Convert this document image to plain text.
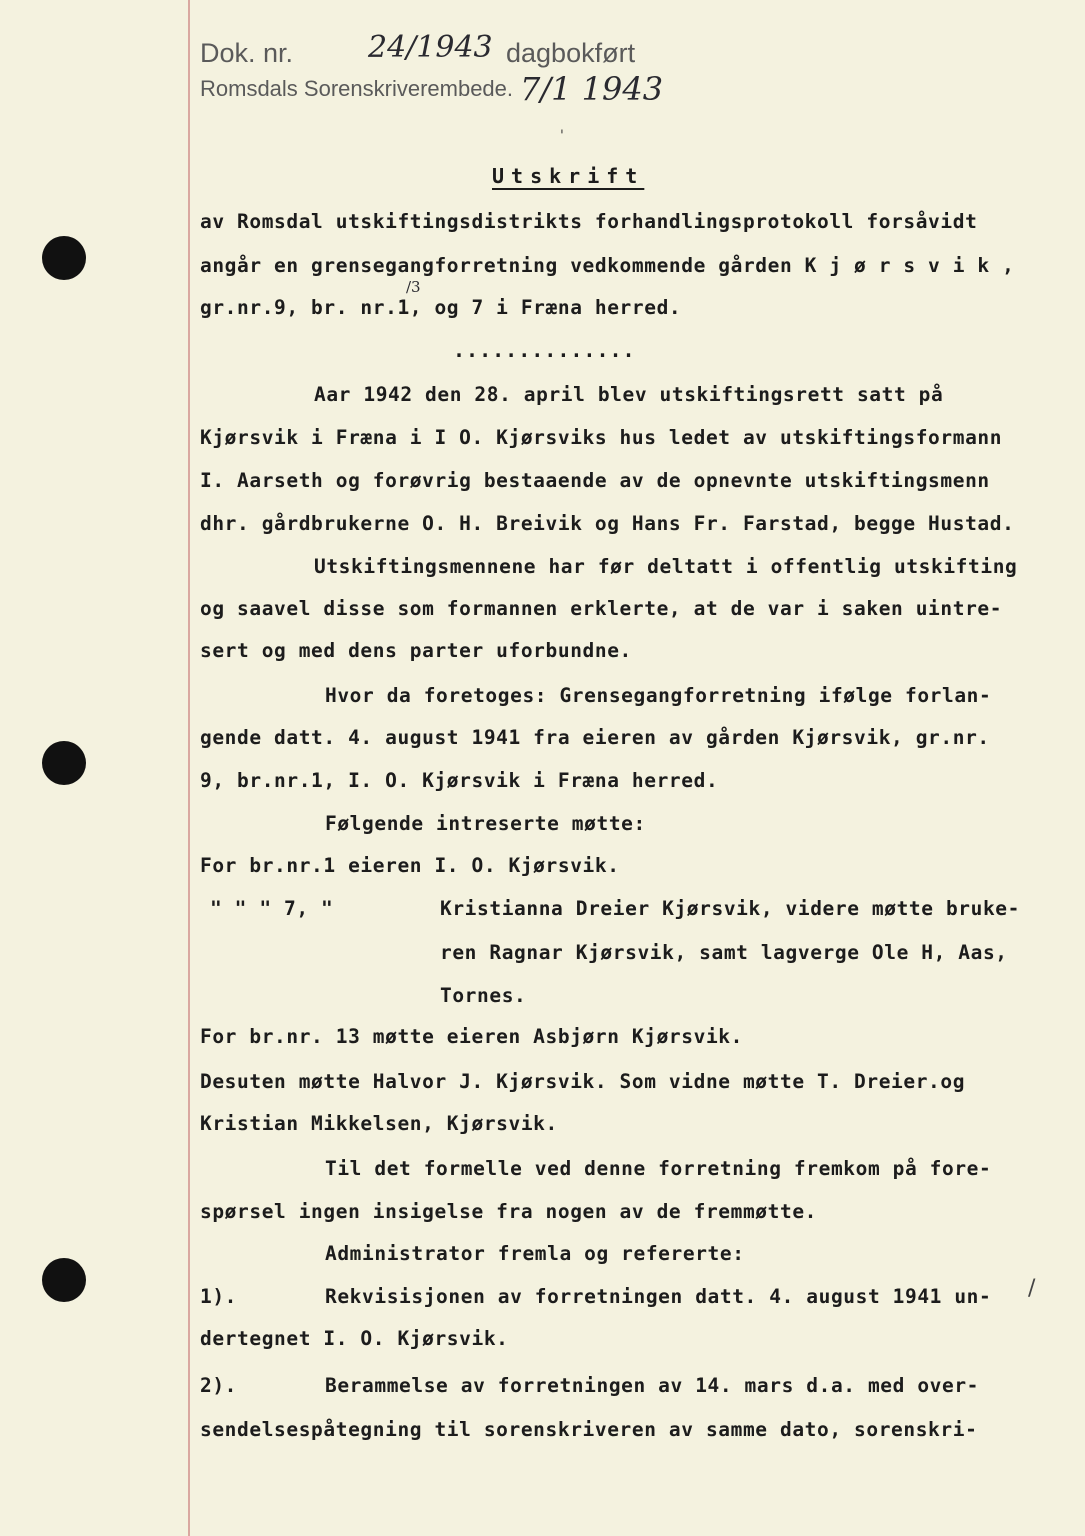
Dok. nr.
Romsdals Sorenskriverembede.
24/1943 dagbokført
7/1 1943
'
/3
/
Utskrift
av Romsdal utskiftingsdistrikts forhandlingsprotokoll forsåvidt
angår en grensegangforretning vedkommende gården K j ø r s v i k ,
gr.nr.9, br. nr.1, og 7 i Fræna herred.
..............
Aar 1942 den 28. april blev utskiftingsrett satt på
Kjørsvik i Fræna i I O. Kjørsviks hus ledet av utskiftingsformann
I. Aarseth og forøvrig bestaaende av de opnevnte utskiftingsmenn
dhr. gårdbrukerne O. H. Breivik og Hans Fr. Farstad, begge Hustad.
Utskiftingsmennene har før deltatt i offentlig utskifting
og saavel disse som formannen erklerte, at de var i saken uintre-
sert og med dens parter uforbundne.
Hvor da foretoges: Grensegangforretning ifølge forlan-
gende datt. 4. august 1941 fra eieren av gården Kjørsvik, gr.nr.
9, br.nr.1, I. O. Kjørsvik i Fræna herred.
Følgende intreserte møtte:
For br.nr.1 eieren I. O. Kjørsvik.
" " " 7, "	Kristianna Dreier Kjørsvik, videre møtte bruke-
ren Ragnar Kjørsvik, samt lagverge Ole H, Aas,
Tornes.
For br.nr. 13 møtte eieren Asbjørn Kjørsvik.
Desuten møtte Halvor J. Kjørsvik. Som vidne møtte T. Dreier.og
Kristian Mikkelsen, Kjørsvik.
Til det formelle ved denne forretning fremkom på fore-
spørsel ingen insigelse fra nogen av de fremmøtte.
Administrator fremla og refererte:
1).	Rekvisisjonen av forretningen datt. 4. august 1941 un-
dertegnet I. O. Kjørsvik.
2).	Berammelse av forretningen av 14. mars d.a. med over-
sendelsespåtegning til sorenskriveren av samme dato, sorenskri-
